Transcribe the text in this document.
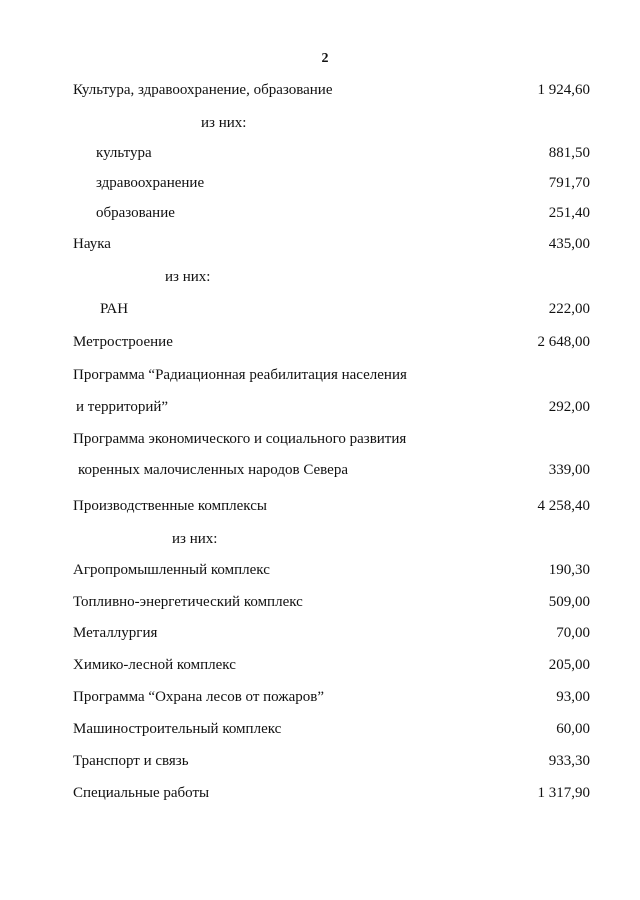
2
Культура, здравоохранение, образование	1 924,60
из них:
культура	881,50
здравоохранение	791,70
образование	251,40
Наука	435,00
из них:
РАН	222,00
Метростроение	2 648,00
Программа “Радиационная реабилитация населения
и территорий”	292,00
Программа экономического и социального развития
коренных малочисленных народов Севера	339,00
Производственные комплексы	4 258,40
из них:
Агропромышленный комплекс	190,30
Топливно-энергетический комплекс	509,00
Металлургия	70,00
Химико-лесной комплекс	205,00
Программа “Охрана лесов от пожаров”	93,00
Машиностроительный комплекс	60,00
Транспорт и связь	933,30
Специальные работы	1 317,90
